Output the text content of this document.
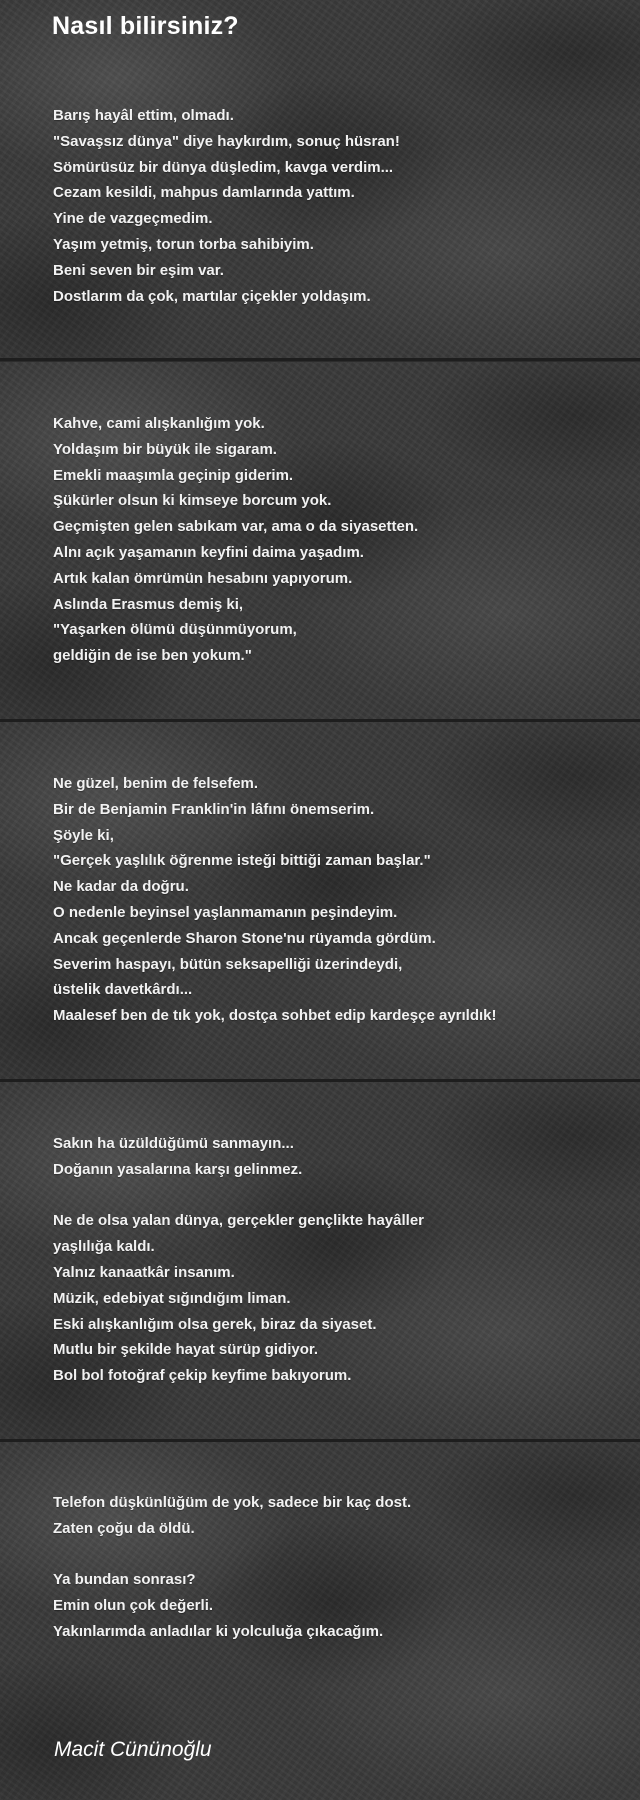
Nasıl bilirsiniz?
Barış hayâl ettim, olmadı.
"Savaşsız dünya" diye haykırdım, sonuç hüsran!
Sömürüsüz bir dünya düşledim, kavga verdim...
Cezam kesildi, mahpus damlarında yattım.
Yine de vazgeçmedim.
Yaşım yetmiş, torun torba sahibiyim.
Beni seven bir eşim var.
Dostlarım da çok, martılar çiçekler yoldaşım.
Kahve, cami alışkanlığım yok.
Yoldaşım bir büyük ile sigaram.
Emekli maaşımla geçinip giderim.
Şükürler olsun ki kimseye borcum yok.
Geçmişten gelen sabıkam var, ama o da siyasetten.
Alnı açık yaşamanın keyfini daima yaşadım.
Artık kalan ömrümün hesabını yapıyorum.
Aslında Erasmus demiş ki,
"Yaşarken ölümü düşünmüyorum,
geldiğin de ise ben yokum."
Ne güzel, benim de felsefem.
Bir de Benjamin Franklin'in lâfını önemserim.
Şöyle ki,
"Gerçek yaşlılık öğrenme isteği bittiği zaman başlar."
Ne kadar da doğru.
O nedenle beyinsel yaşlanmamanın peşindeyim.
Ancak geçenlerde Sharon Stone'nu rüyamda gördüm.
Severim haspayı, bütün seksapelliği üzerindeydi,
üstelik davetkârdı...
Maalesef ben de tık yok, dostça sohbet edip kardeşçe ayrıldık!
Sakın ha üzüldüğümü sanmayın...
Doğanın yasalarına karşı gelinmez.
Ne de olsa yalan dünya, gerçekler gençlikte hayâller
yaşlılığa kaldı.
Yalnız kanaatkâr insanım.
Müzik, edebiyat sığındığım liman.
Eski alışkanlığım olsa gerek, biraz da siyaset.
Mutlu bir şekilde hayat sürüp gidiyor.
Bol bol fotoğraf çekip keyfime bakıyorum.
Telefon düşkünlüğüm de yok, sadece bir kaç dost.
Zaten çoğu da öldü.
Ya bundan sonrası?
Emin olun çok değerli.
Yakınlarımda anladılar ki yolculuğa çıkacağım.
Macit Cününoğlu
